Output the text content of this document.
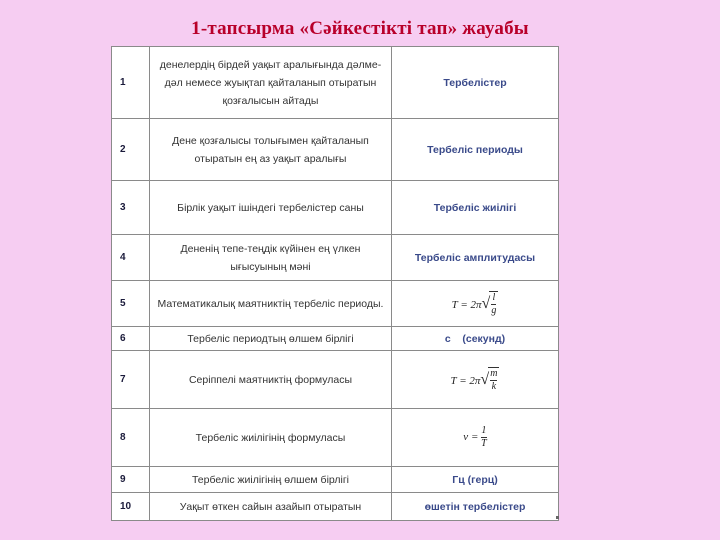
1-тапсырма «Сәйкестікті тап» жауабы
1	денелердің бірдей уақыт аралығында дәлме-дәл немесе жуықтап қайталанып отыратын қозғалысын айтады	Тербелістер
2	Дене қозғалысы толығымен қайталанып отыратын ең аз уақыт аралығы	Тербеліс периоды
3	Бірлік уақыт ішіндегі тербелістер саны	Тербеліс жиілігі
4	Дененің тепе-теңдік күйінен ең үлкен ығысуының мәні	Тербеліс амплитудасы
5	Математикалық маятниктің тербеліс периоды.	T = 2π √ $\frac{l}{g}$

6	Тербеліс периодтың өлшем бірлігі	с    (секунд)
7	Серіппелі маятниктің формуласы	T = 2π √ $\frac{m}{k}$

8	Тербеліс жиілігінің формуласы	$\nu = \frac{1}{T}$

9	Тербеліс жиілігінің өлшем бірлігі	Гц (герц)
10	Уақыт өткен сайын азайып отыратын	өшетін тербелістер
